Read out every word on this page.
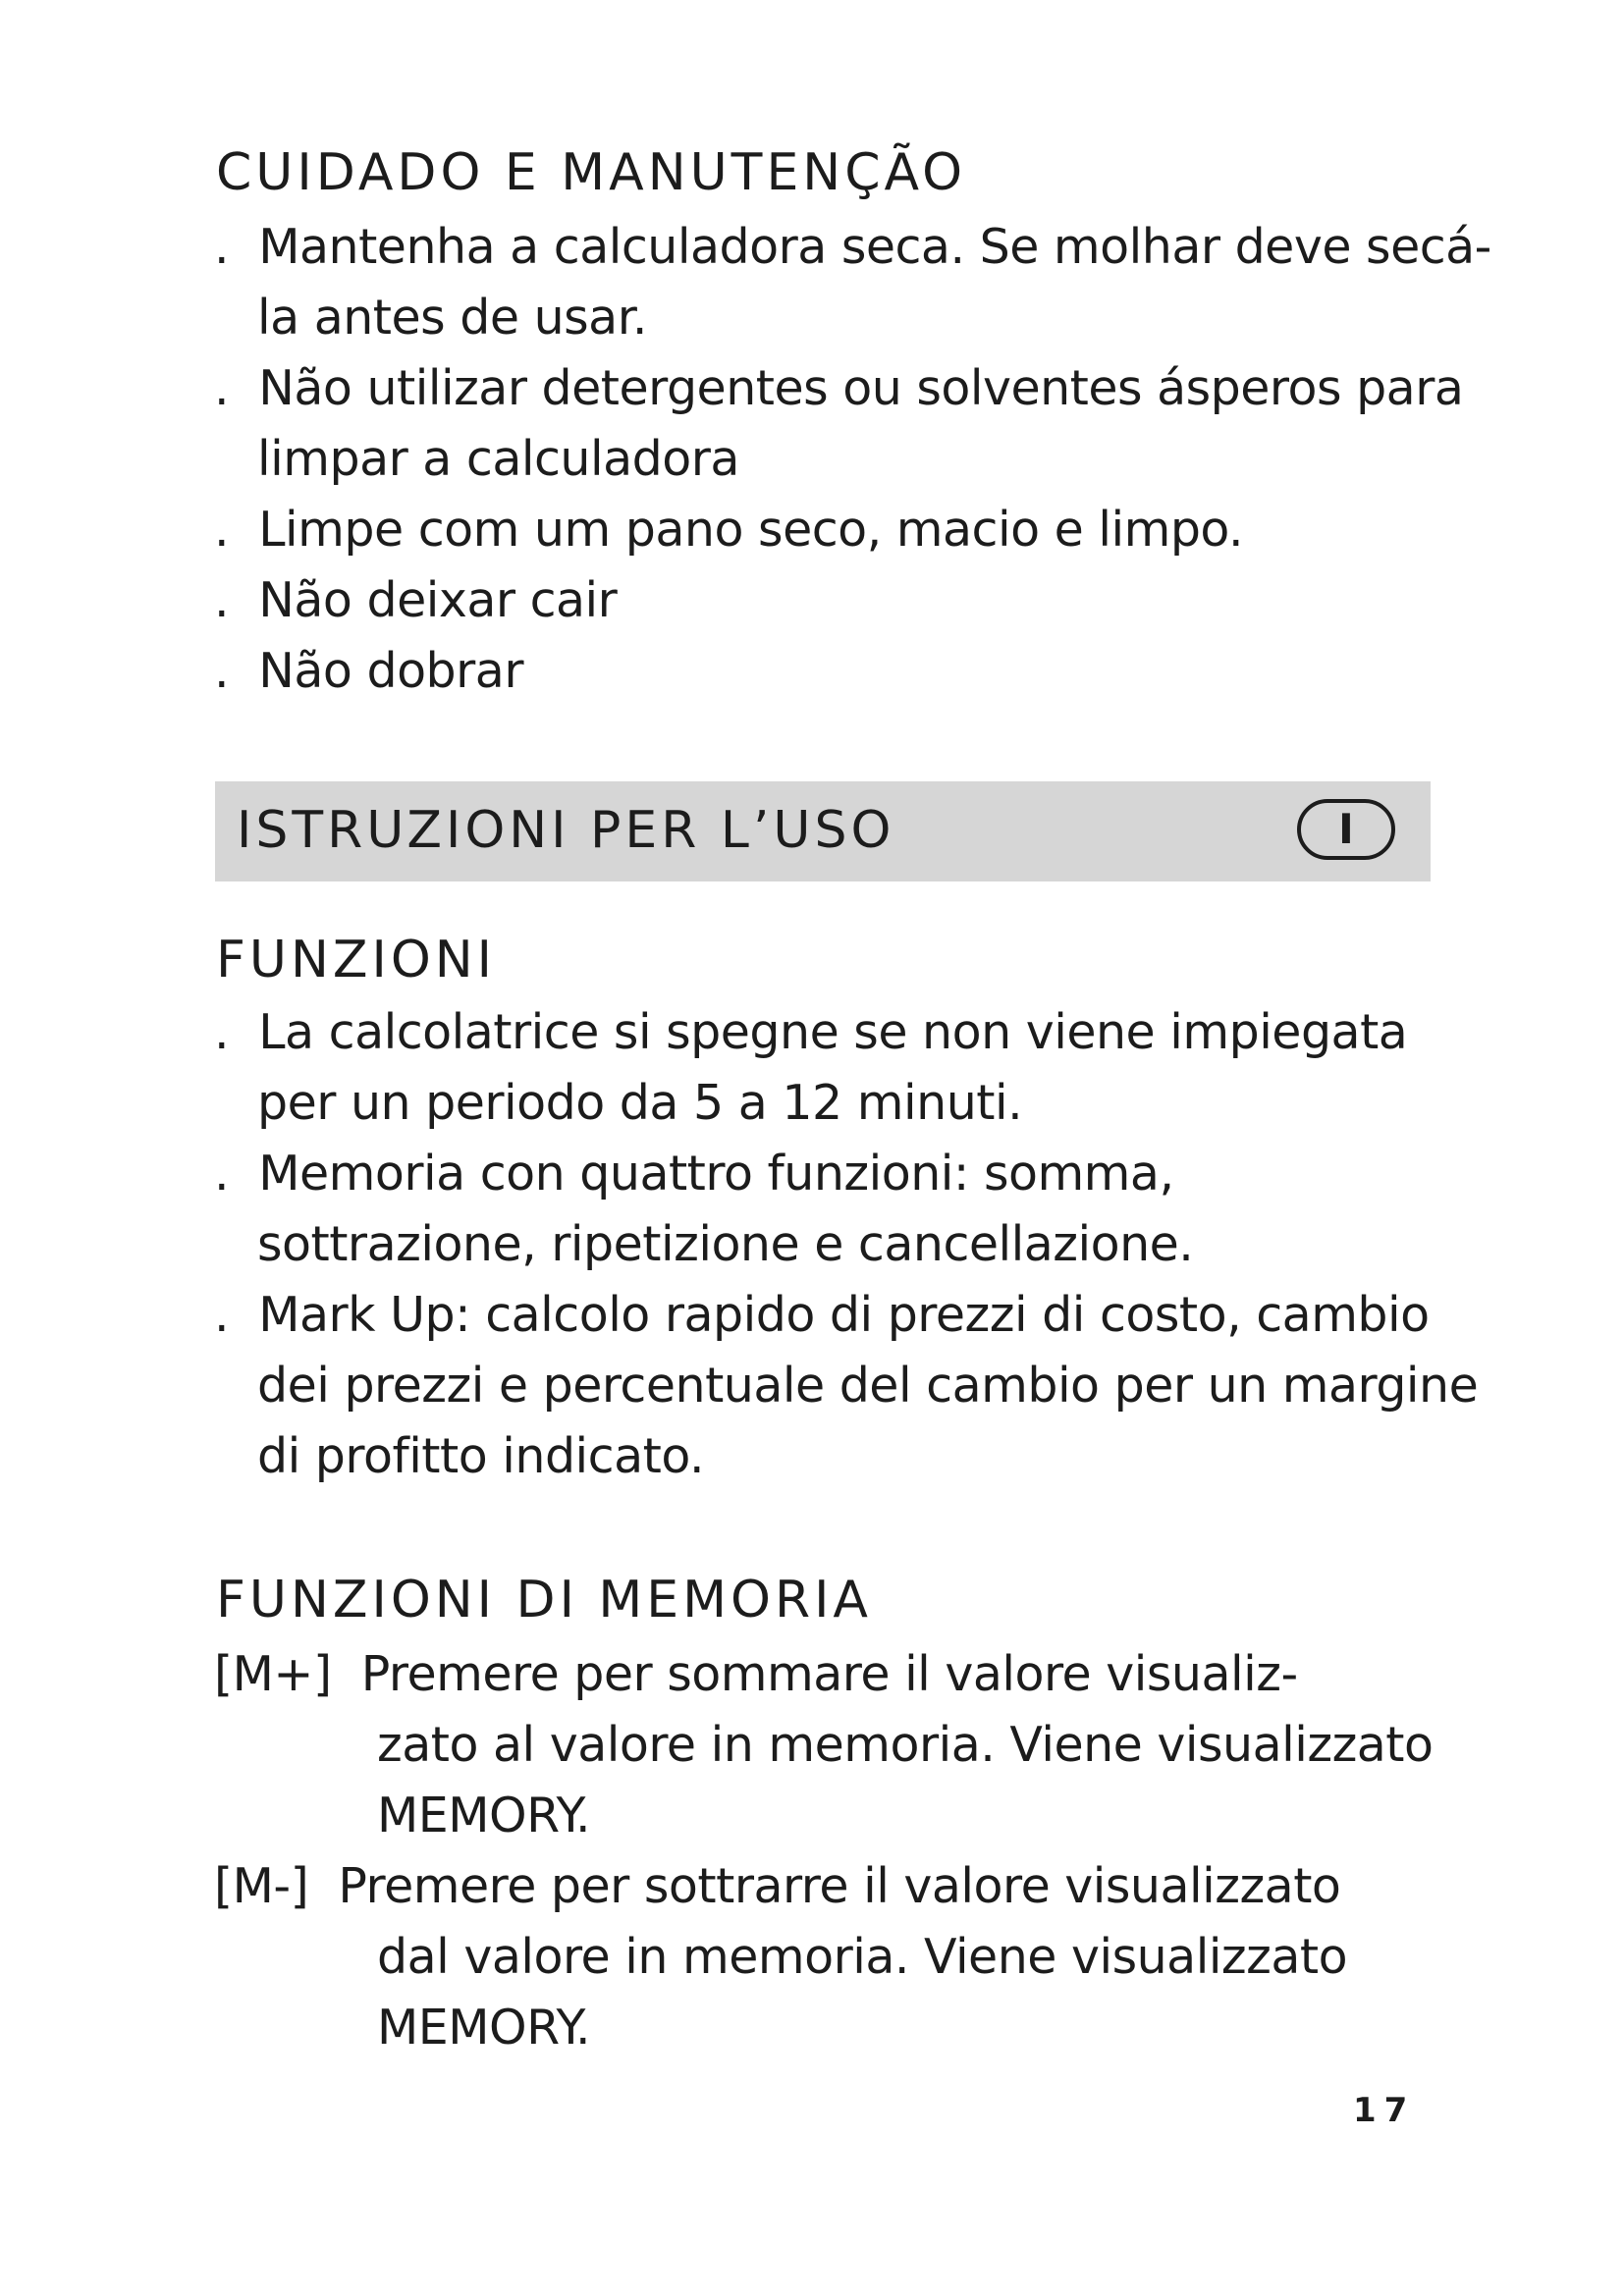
CUIDADO E MANUTENÇÃO
. Mantenha a calculadora seca. Se molhar deve secá-
la antes de usar.
. Não utilizar detergentes ou solventes ásperos para
limpar a calculadora
. Limpe com um pano seco, macio e limpo.
. Não deixar cair
. Não dobrar
ISTRUZIONI PER L’USO	I
FUNZIONI
. La calcolatrice si spegne se non viene impiegata
per un periodo da 5 a 12 minuti.
. Memoria con quattro funzioni: somma,
sottrazione, ripetizione e cancellazione.
. Mark Up: calcolo rapido di prezzi di costo, cambio
dei prezzi e percentuale del cambio per un margine
di profitto indicato.
FUNZIONI DI MEMORIA
[M+] Premere per sommare il valore visualiz-
zato al valore in memoria. Viene visualizzato
MEMORY.
[M-] Premere per sottrarre il valore visualizzato
dal valore in memoria. Viene visualizzato
MEMORY.
17
